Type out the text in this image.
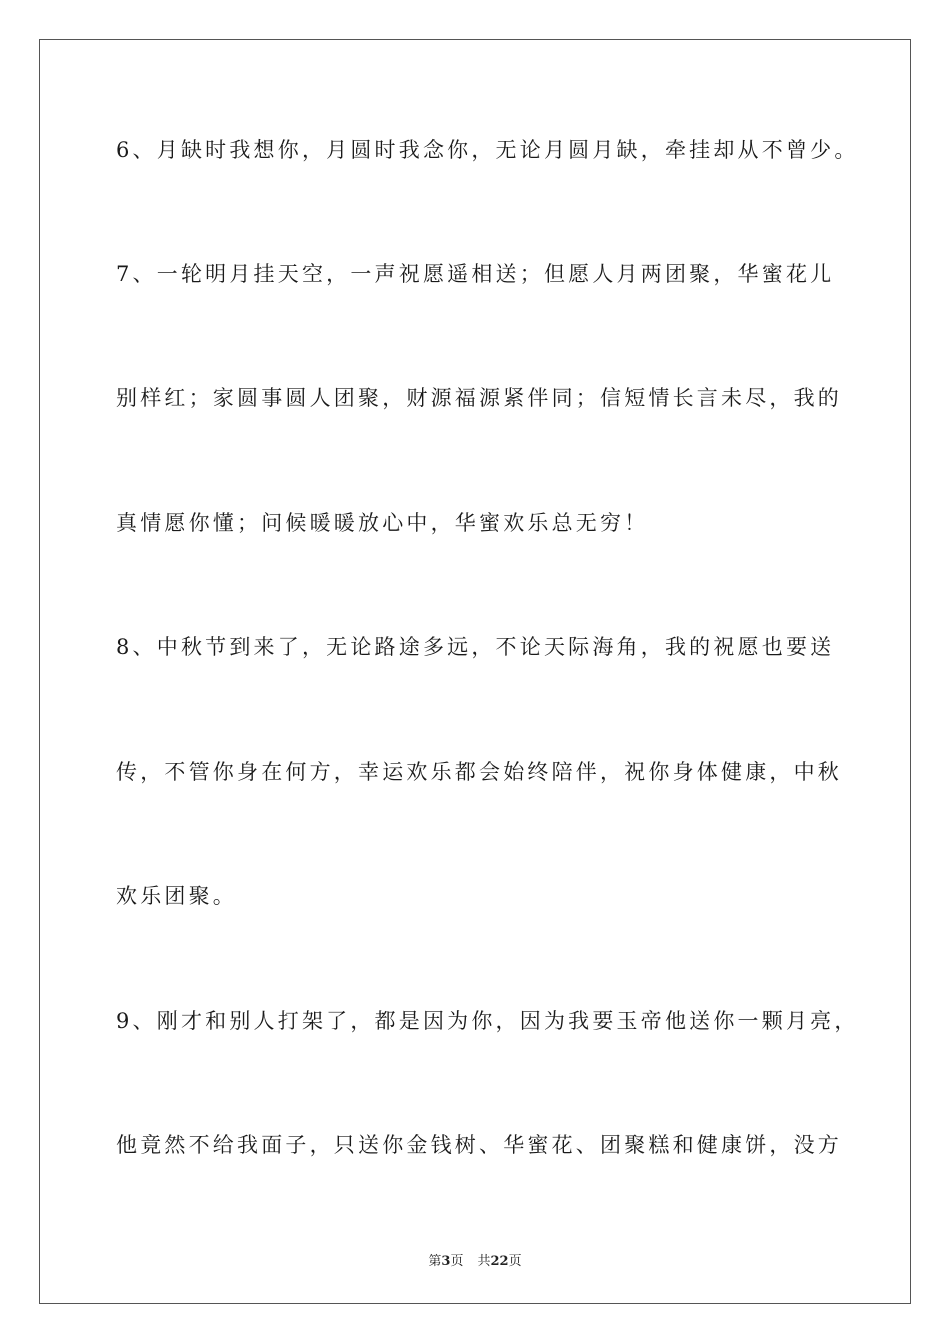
6、月缺时我想你，月圆时我念你，无论月圆月缺，牵挂却从不曾少。
7、一轮明月挂天空，一声祝愿遥相送；但愿人月两团聚，华蜜花儿
别样红；家圆事圆人团聚，财源福源紧伴同；信短情长言未尽，我的
真情愿你懂；问候暖暖放心中，华蜜欢乐总无穷！
8、中秋节到来了，无论路途多远，不论天际海角，我的祝愿也要送
传，不管你身在何方，幸运欢乐都会始终陪伴，祝你身体健康，中秋
欢乐团聚。
9、刚才和别人打架了，都是因为你，因为我要玉帝他送你一颗月亮，
他竟然不给我面子，只送你金钱树、华蜜花、团聚糕和健康饼，没方
第3页 共22页
